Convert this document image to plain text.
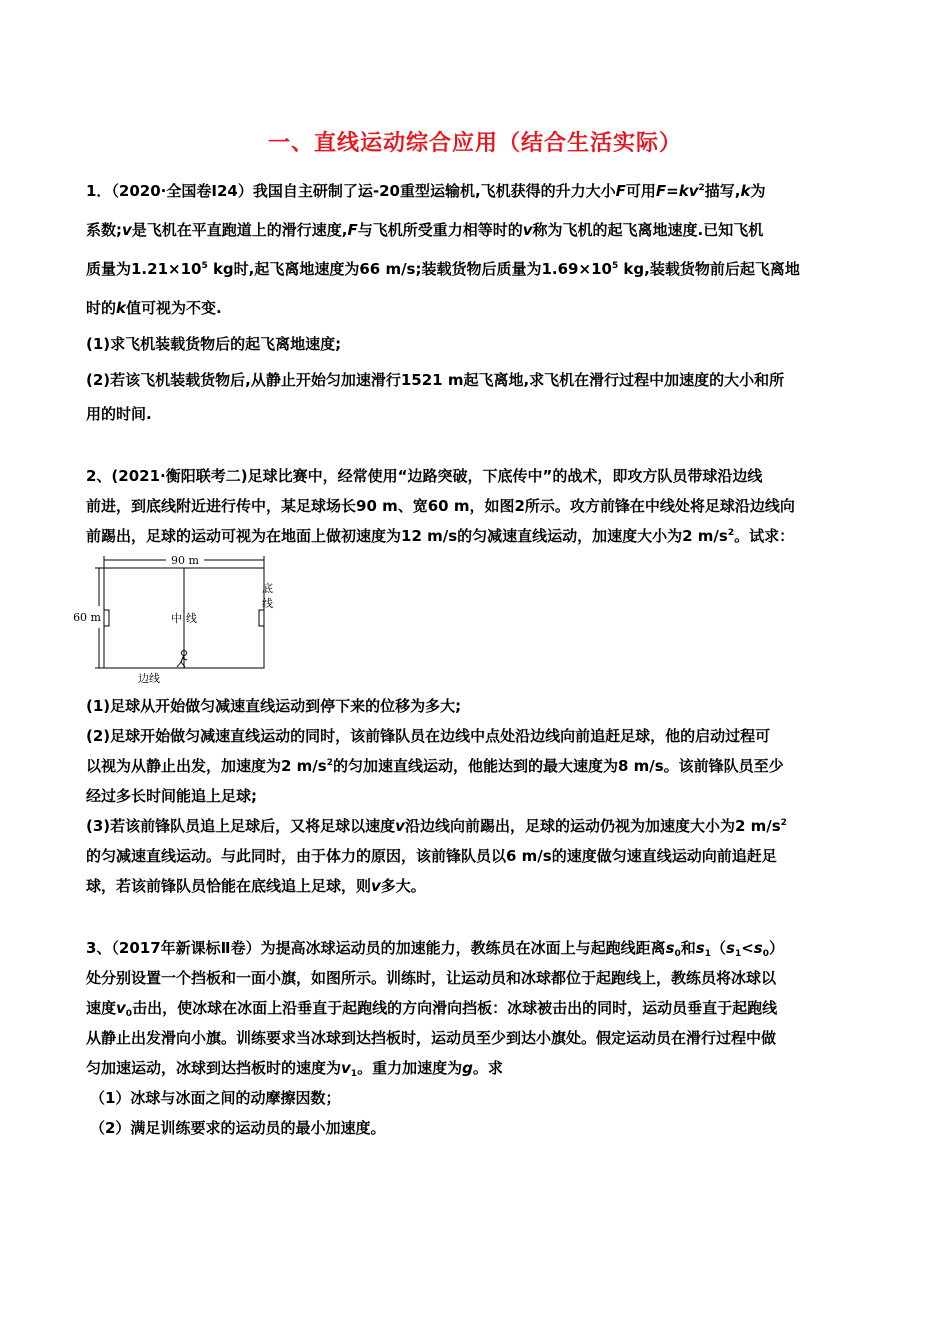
一、直线运动综合应用（结合生活实际）
1．（2020·全国卷Ⅰ24）我国自主研制了运-20重型运输机,飞机获得的升力大小F可用$F=kv^2$描写,k为
系数;v是飞机在平直跑道上的滑行速度,F与飞机所受重力相等时的v称为飞机的起飞离地速度.已知飞机
质量为$1.21\times 10^5$ kg时,起飞离地速度为66 m/s;装载货物后质量为$1.69\times 10^5$ kg,装载货物前后起飞离地
时的k值可视为不变.
(1)求飞机装载货物后的起飞离地速度;
(2)若该飞机装载货物后,从静止开始匀加速滑行1521 m起飞离地,求飞机在滑行过程中加速度的大小和所
用的时间.
2、(2021·衡阳联考二)足球比赛中，经常使用“边路突破，下底传中”的战术，即攻方队员带球沿边线
前进，到底线附近进行传中，某足球场长90 m、宽60 m，如图2所示。攻方前锋在中线处将足球沿边线向
前踢出，足球的运动可视为在地面上做初速度为12 m/s的匀减速直线运动，加速度大小为2 $m/s^2$。试求：
90 m
60 m
底
线
中 线
边线
(1)足球从开始做匀减速直线运动到停下来的位移为多大;
(2)足球开始做匀减速直线运动的同时，该前锋队员在边线中点处沿边线向前追赶足球，他的启动过程可
以视为从静止出发，加速度为2 $m/s^2$的匀加速直线运动，他能达到的最大速度为8 m/s。该前锋队员至少
经过多长时间能追上足球;
(3)若该前锋队员追上足球后，又将足球以速度v沿边线向前踢出，足球的运动仍视为加速度大小为2 $m/s^2$
的匀减速直线运动。与此同时，由于体力的原因，该前锋队员以6 m/s的速度做匀速直线运动向前追赶足
球，若该前锋队员恰能在底线追上足球，则v多大。
3、（2017年新课标Ⅱ卷）为提高冰球运动员的加速能力，教练员在冰面上与起跑线距离$s_0$和$s_1(s_1<s_0)$
处分别设置一个挡板和一面小旗，如图所示。训练时，让运动员和冰球都位于起跑线上，教练员将冰球以
速度$v_0$击出，使冰球在冰面上沿垂直于起跑线的方向滑向挡板：冰球被击出的同时，运动员垂直于起跑线
从静止出发滑向小旗。训练要求当冰球到达挡板时，运动员至少到达小旗处。假定运动员在滑行过程中做
匀加速运动，冰球到达挡板时的速度为$v_1$。重力加速度为g。求
（1）冰球与冰面之间的动摩擦因数；
（2）满足训练要求的运动员的最小加速度。
